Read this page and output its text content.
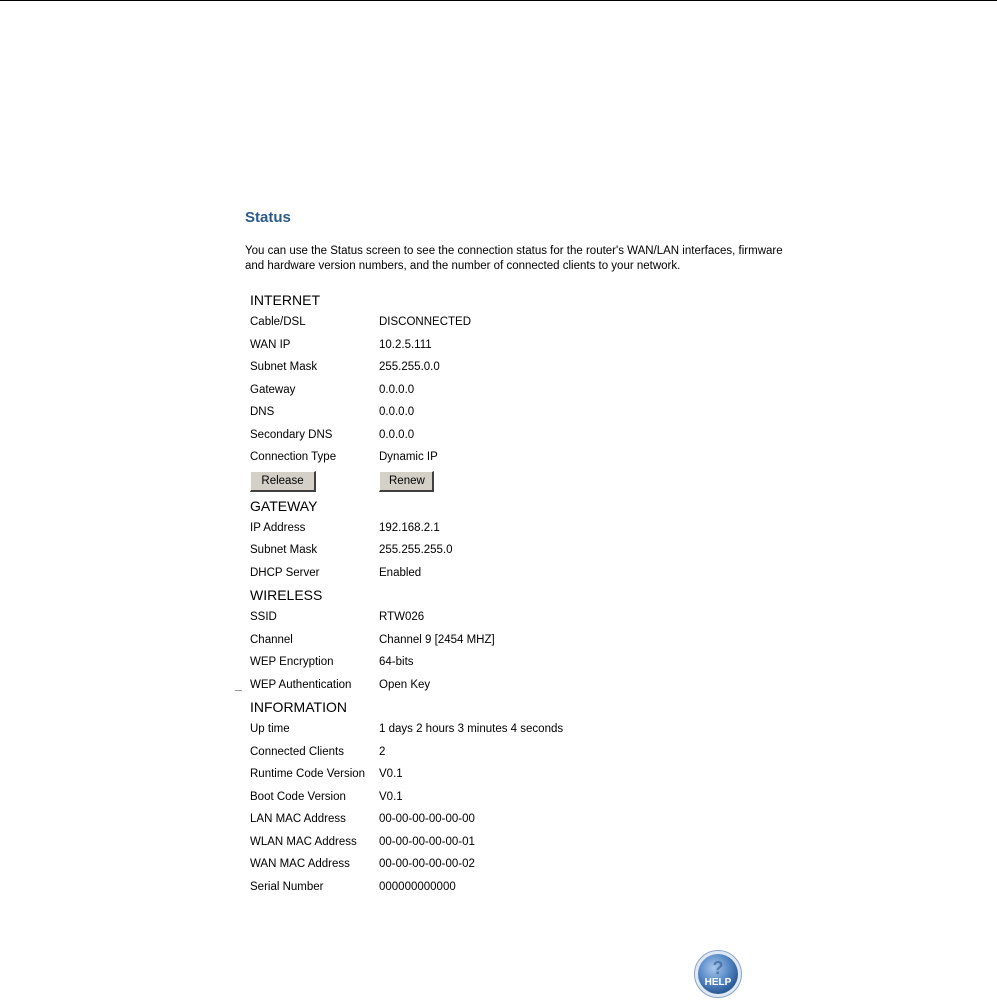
Status

You can use the Status screen to see the connection status for the router's WAN/LAN interfaces, firmware and hardware version numbers, and the number of connected clients to your network.

INTERNET
Cable/DSL	DISCONNECTED
WAN IP	10.2.5.111
Subnet Mask	255.255.0.0
Gateway	0.0.0.0
DNS	0.0.0.0
Secondary DNS	0.0.0.0
Connection Type	Dynamic IP
Release	Renew
GATEWAY
IP Address	192.168.2.1
Subnet Mask	255.255.255.0
DHCP Server	Enabled
WIRELESS
SSID	RTW026
Channel	Channel 9 [2454 MHZ]
WEP Encryption	64-bits
WEP Authentication	Open Key
INFORMATION
Up time	1 days 2 hours 3 minutes 4 seconds
Connected Clients	2
Runtime Code Version	V0.1
Boot Code Version	V0.1
LAN MAC Address	00-00-00-00-00-00
WLAN MAC Address	00-00-00-00-00-01
WAN MAC Address	00-00-00-00-00-02
Serial Number	000000000000
?
HELP
